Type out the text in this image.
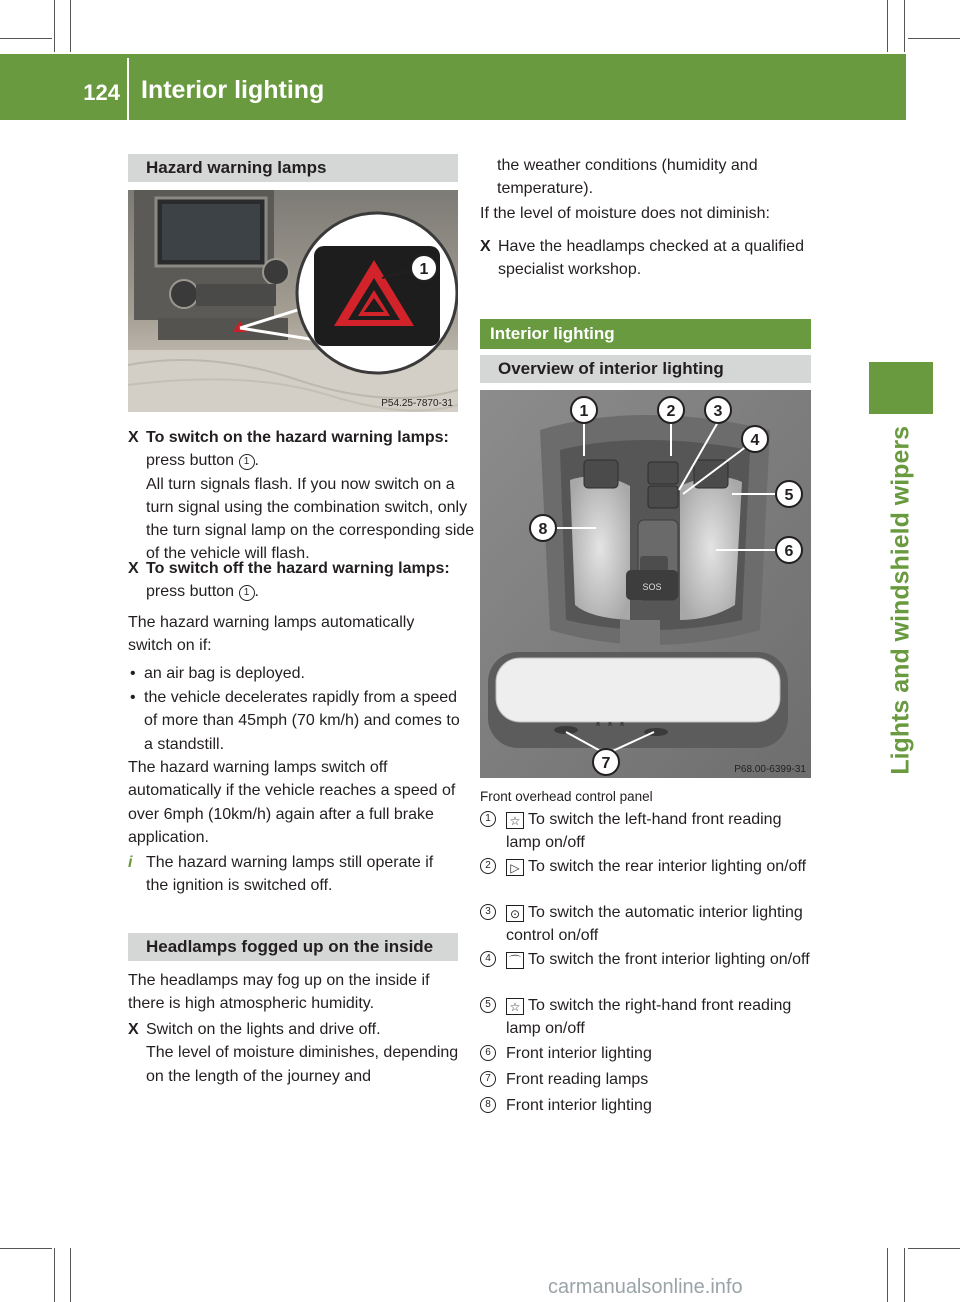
124 Interior lighting
Lights and windshield wipers
Hazard warning lamps
1
P54.25-7870-31
X To switch on the hazard warning lamps:
press button 1 .
All turn signals flash. If you now switch on a turn signal using the combination switch, only the turn signal lamp on the corresponding side of the vehicle will flash.
X To switch off the hazard warning lamps: press button 1 .
The hazard warning lamps automatically switch on if:
• an air bag is deployed.
• the vehicle decelerates rapidly from a speed of more than 45mph (70 km/h) and comes to a standstill.
The hazard warning lamps switch off automatically if the vehicle reaches a speed of over 6mph (10km/h) again after a full brake application.
i The hazard warning lamps still operate if the ignition is switched off.
Headlamps fogged up on the inside
The headlamps may fog up on the inside if there is high atmospheric humidity.
X Switch on the lights and drive off.
The level of moisture diminishes, depending on the length of the journey and
the weather conditions (humidity and temperature).
If the level of moisture does not diminish:
X Have the headlamps checked at a qualified specialist workshop.
Interior lighting
Overview of interior lighting
SOS
1	2 3
4
5
6
7
8
P68.00-6399-31
Front overhead control panel
1	☆ To switch the left-hand front reading lamp on/off
2	▷ To switch the rear interior lighting on/off
3	⊙ To switch the automatic interior lighting control on/off
4	⌒ To switch the front interior lighting on/off
5	☆ To switch the right-hand front reading lamp on/off
6 Front interior lighting
7 Front reading lamps
8 Front interior lighting
carmanualsonline.info
